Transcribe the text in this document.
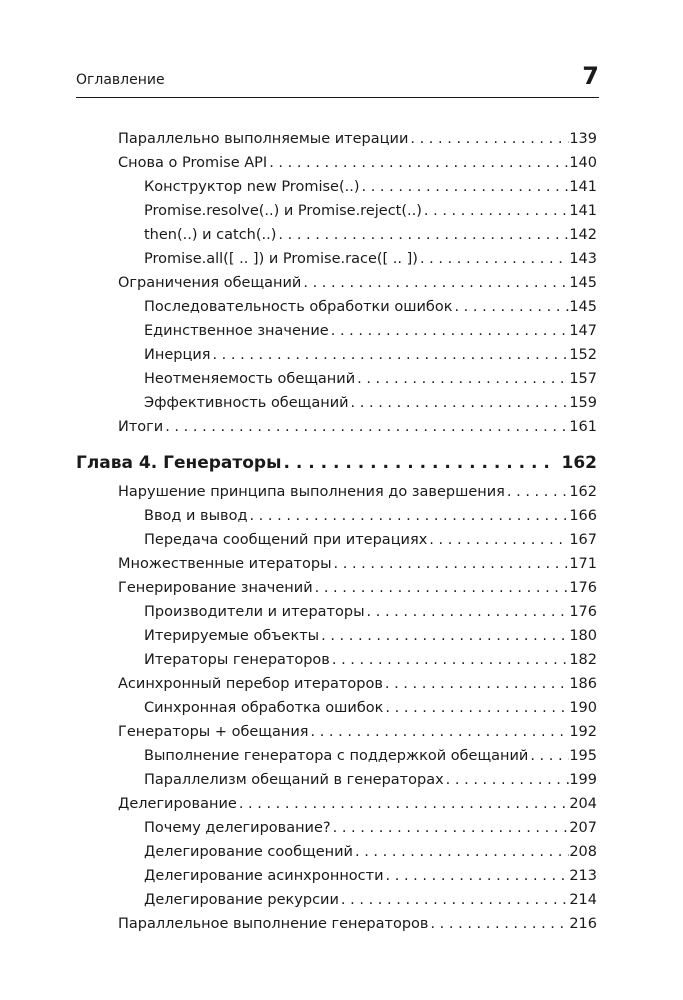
Оглавление	7
Параллельно выполняемые итерации . . .	139
Снова о Promise API . . .	140
Конструктор new Promise(..) . . .	141
Promise.resolve(..) и Promise.reject(..) . . .	141
then(..) и catch(..) . . .	142
Promise.all([ .. ]) и Promise.race([ .. ]) . . .	143
Ограничения обещаний . . .	145
Последовательность обработки ошибок . . .	145
Единственное значение . . .	147
Инерция . . .	152
Неотменяемость обещаний . . .	157
Эффективность обещаний . . .	159
Итоги . . .	161
Глава 4. Генераторы . . .	162
Нарушение принципа выполнения до завершения . . .	162
Ввод и вывод . . .	166
Передача сообщений при итерациях . . .	167
Множественные итераторы . . .	171
Генерирование значений . . .	176
Производители и итераторы . . .	176
Итерируемые объекты . . .	180
Итераторы генераторов . . .	182
Асинхронный перебор итераторов . . .	186
Синхронная обработка ошибок . . .	190
Генераторы + обещания . . .	192
Выполнение генератора с поддержкой обещаний . . .	195
Параллелизм обещаний в генераторах . . .	199
Делегирование . . .	204
Почему делегирование? . . .	207
Делегирование сообщений . . .	208
Делегирование асинхронности . . .	213
Делегирование рекурсии . . .	214
Параллельное выполнение генераторов . . .	216
